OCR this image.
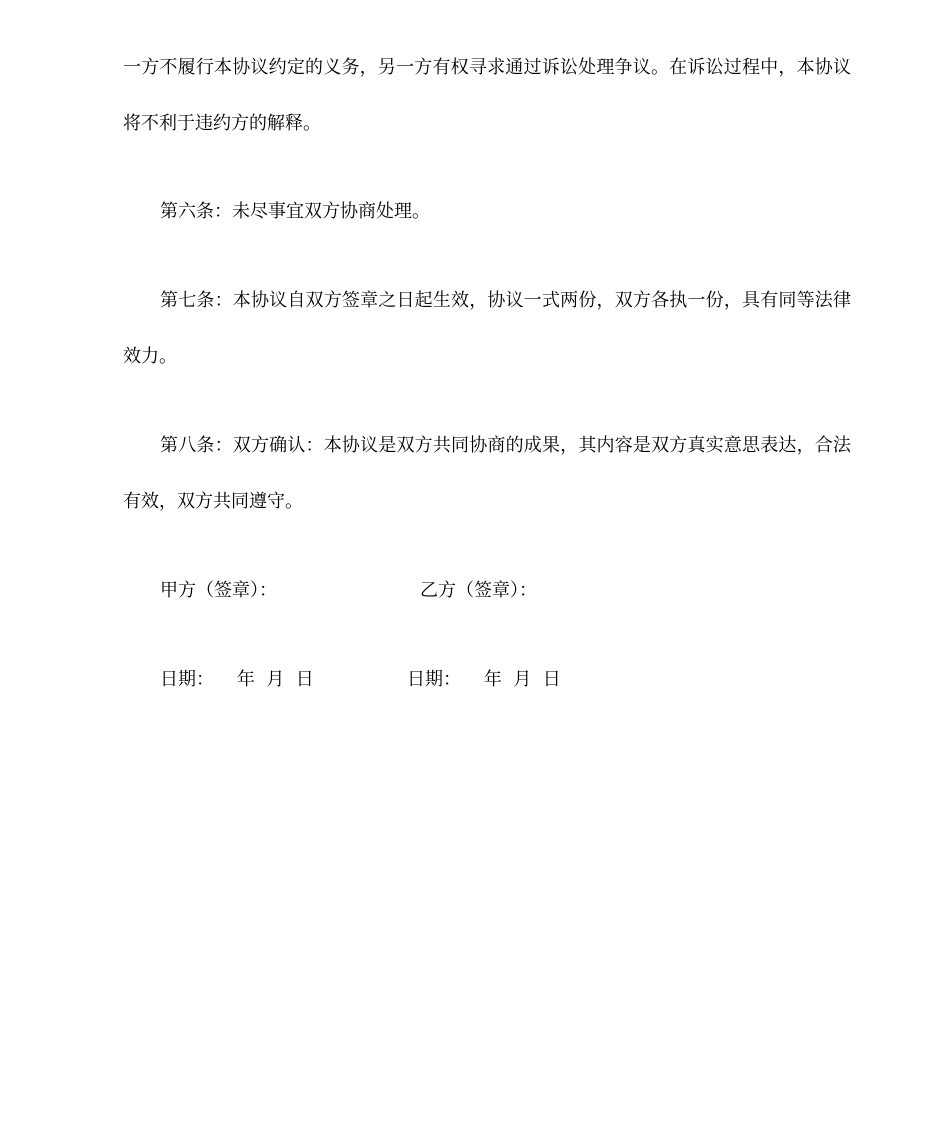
一方不履行本协议约定的义务，另一方有权寻求通过诉讼处理争议。在诉讼过程中，本协议
将不利于违约方的解释。
第六条：未尽事宜双方协商处理。
第七条：本协议自双方签章之日起生效，协议一式两份，双方各执一份，具有同等法律
效力。
第八条：双方确认：本协议是双方共同协商的成果，其内容是双方真实意思表达，合法
有效，双方共同遵守。
甲方（签章）：	乙方（签章）：
日期：    年  月  日	日期：    年  月  日
